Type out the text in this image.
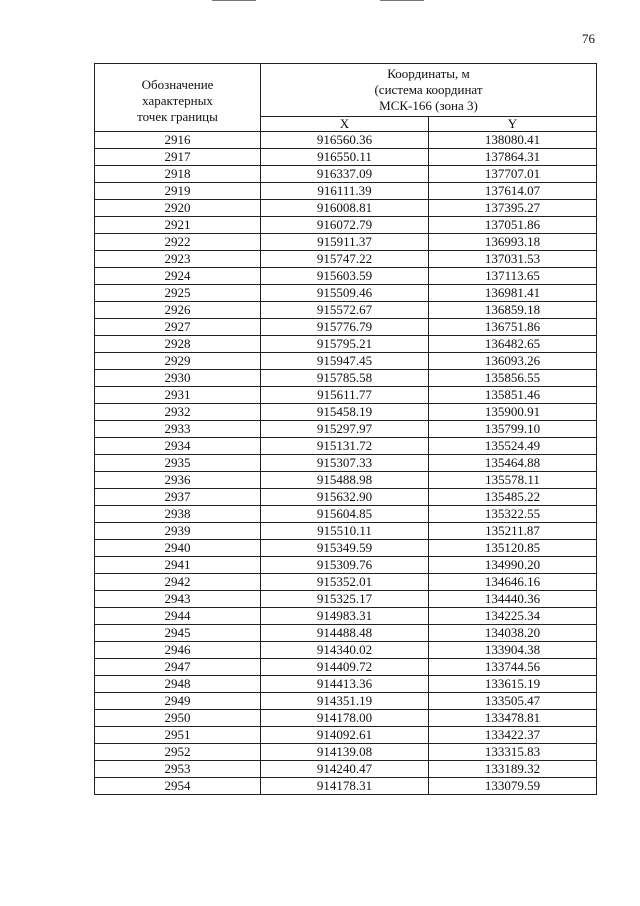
76
Обозначение
характерных
точек границы	Координаты, м
(система координат
МСК-166 (зона 3)	

	X	Y
2916	916560.36	138080.41
2917	916550.11	137864.31
2918	916337.09	137707.01
2919	916111.39	137614.07
2920	916008.81	137395.27
2921	916072.79	137051.86
2922	915911.37	136993.18
2923	915747.22	137031.53
2924	915603.59	137113.65
2925	915509.46	136981.41
2926	915572.67	136859.18
2927	915776.79	136751.86
2928	915795.21	136482.65
2929	915947.45	136093.26
2930	915785.58	135856.55
2931	915611.77	135851.46
2932	915458.19	135900.91
2933	915297.97	135799.10
2934	915131.72	135524.49
2935	915307.33	135464.88
2936	915488.98	135578.11
2937	915632.90	135485.22
2938	915604.85	135322.55
2939	915510.11	135211.87
2940	915349.59	135120.85
2941	915309.76	134990.20
2942	915352.01	134646.16
2943	915325.17	134440.36
2944	914983.31	134225.34
2945	914488.48	134038.20
2946	914340.02	133904.38
2947	914409.72	133744.56
2948	914413.36	133615.19
2949	914351.19	133505.47
2950	914178.00	133478.81
2951	914092.61	133422.37
2952	914139.08	133315.83
2953	914240.47	133189.32
2954	914178.31	133079.59
